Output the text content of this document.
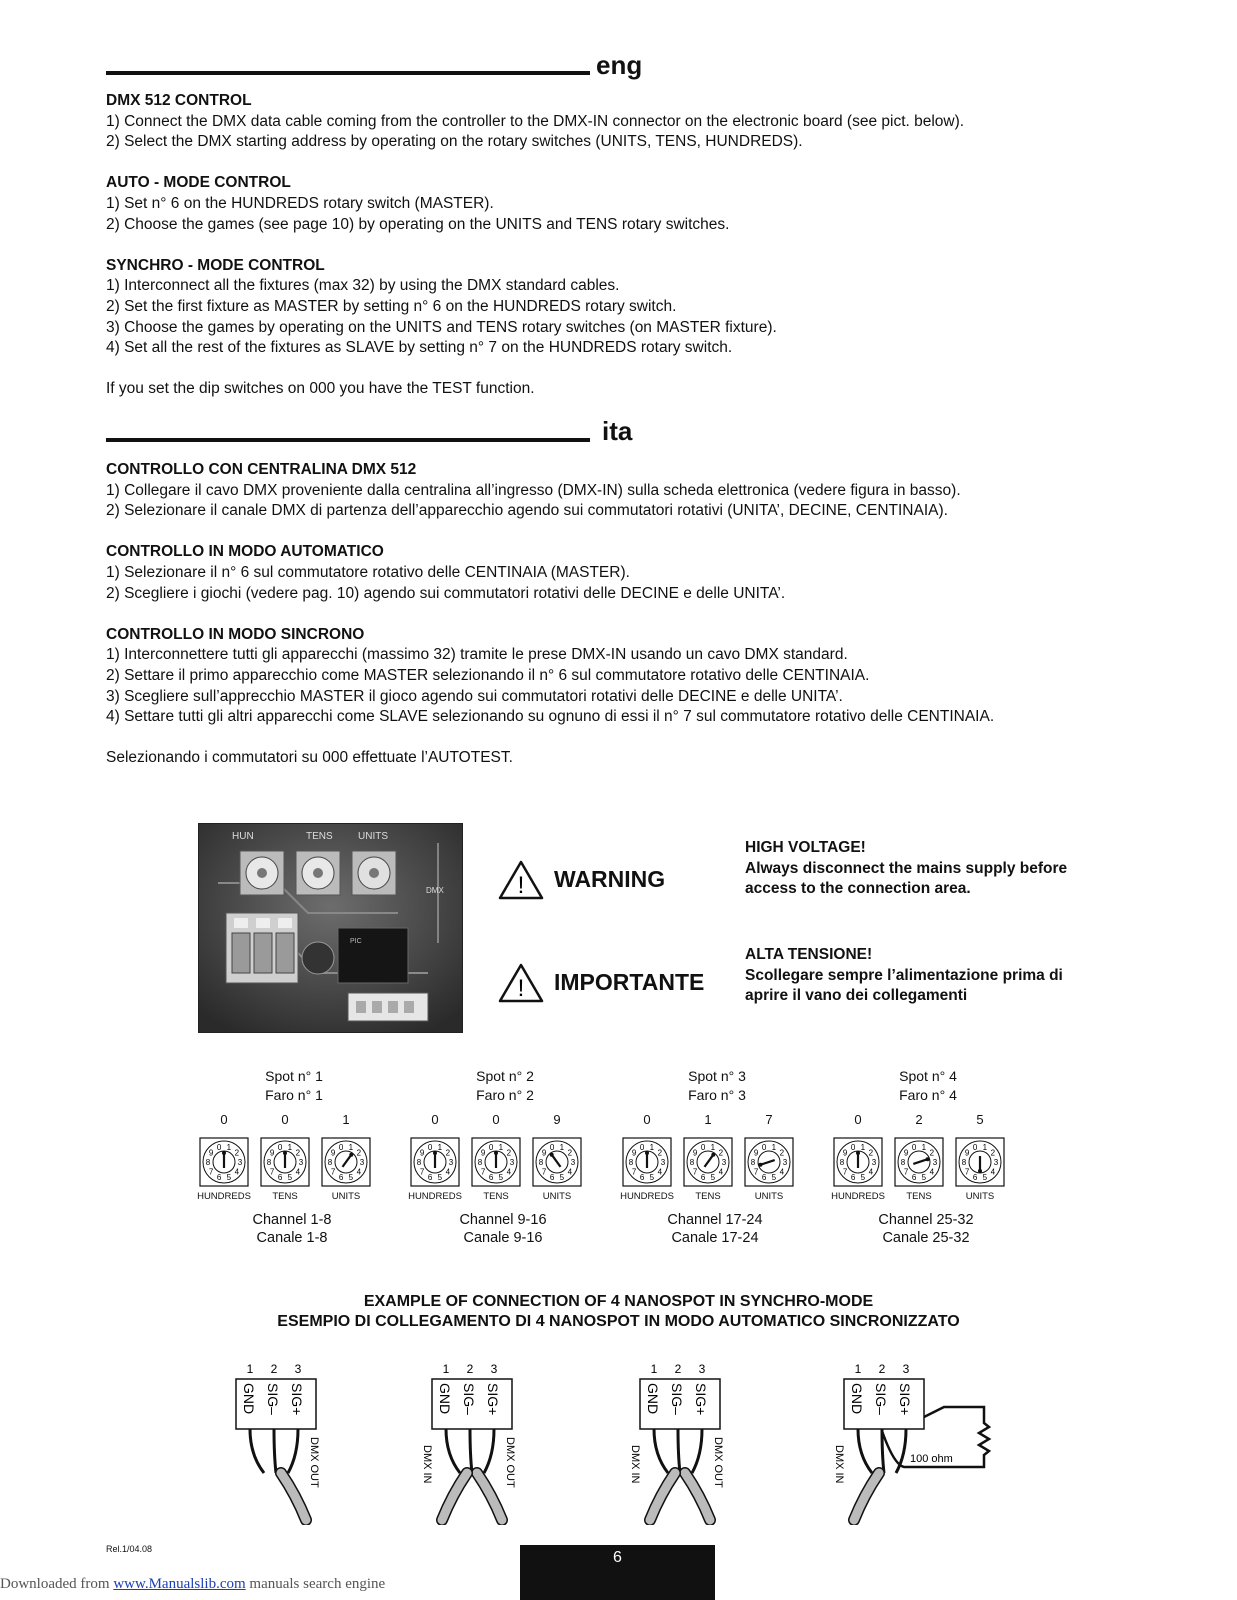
eng
DMX 512 CONTROL

1) Connect the DMX data cable coming from the controller to the DMX-IN connector on the electronic board (see pict. below).

2) Select the DMX starting address by operating on the rotary switches (UNITS, TENS, HUNDREDS).

AUTO - MODE CONTROL

1) Set n° 6 on the HUNDREDS rotary switch (MASTER).

2) Choose the games (see page 10) by operating on the UNITS and TENS rotary switches.

SYNCHRO - MODE CONTROL

1) Interconnect all the fixtures (max 32) by using the DMX standard cables.

2) Set the first fixture as MASTER by setting n° 6 on the HUNDREDS rotary switch.

3) Choose the games by operating on the UNITS and TENS rotary switches (on MASTER fixture).

4) Set all the rest of the fixtures as SLAVE by setting n° 7 on the HUNDREDS rotary switch.

If you set the dip switches on 000 you have the TEST function.

ita
CONTROLLO CON CENTRALINA DMX 512

1) Collegare il cavo DMX proveniente dalla centralina all’ingresso (DMX-IN) sulla scheda elettronica (vedere figura in basso).

2) Selezionare il canale DMX di partenza dell’apparecchio agendo sui commutatori rotativi (UNITA’, DECINE, CENTINAIA).

CONTROLLO IN MODO AUTOMATICO

1) Selezionare il n° 6 sul commutatore rotativo delle CENTINAIA (MASTER).

2) Scegliere i giochi (vedere pag. 10) agendo sui commutatori rotativi delle DECINE e delle UNITA’.

CONTROLLO IN MODO SINCRONO

1) Interconnettere tutti gli apparecchi (massimo 32) tramite le prese DMX-IN usando un cavo DMX standard.

2) Settare il primo apparecchio come MASTER selezionando il n° 6 sul commutatore rotativo delle CENTINAIA.

3) Scegliere sull’apprecchio MASTER il gioco agendo sui commutatori rotativi delle DECINE e delle UNITA’.

4) Settare tutti gli altri apparecchi come SLAVE selezionando su ognuno di essi il n° 7 sul commutatore rotativo delle CENTINAIA.

Selezionando i commutatori su 000 effettuate l’AUTOTEST.

HUN	TENS	UNITS
DMX
PIC
! WARNING
! IMPORTANTE
HIGH VOLTAGE!
Always disconnect the mains supply before
access to the connection area.
ALTA TENSIONE!
Scollegare sempre l’alimentazione prima di
aprire il vano dei collegamenti
Spot n° 1
Faro n° 1
0
0 1
2
3
4
5
6
7
8
9
HUNDREDS
0
0 1
2
3
4
5
6
7
8
9
TENS
1
0 1
2
3
4
5
6
7
8
9
UNITS
Channel 1-8
Canale 1-8
Spot n° 2
Faro n° 2
0
0 1
2
3
4
5
6
7
8
9
HUNDREDS
0
0 1
2
3
4
5
6
7
8
9
TENS
9
0 1
2
3
4
5
6
7
8
9
UNITS
Channel 9-16
Canale 9-16
Spot n° 3
Faro n° 3
0
0 1
2
3
4
5
6
7
8
9
HUNDREDS
1
0 1
2
3
4
5
6
7
8
9
TENS
7
0 1
2
3
4
5
6
7
8
9
UNITS
Channel 17-24
Canale 17-24
Spot n° 4
Faro n° 4
0
0 1
2
3
4
5
6
7
8
9
HUNDREDS
2
0 1
2
3
4
5
6
7
8
9
TENS
5
0 1
2
3
4
5
6
7
8
9
UNITS
Channel 25-32
Canale 25-32
EXAMPLE OF CONNECTION OF 4 NANOSPOT IN SYNCHRO-MODE
ESEMPIO DI COLLEGAMENTO DI 4 NANOSPOT IN MODO AUTOMATICO SINCRONIZZATO
1 2 3
GND SIG– SIG+
DMX OUT
1 2 3
GND SIG– SIG+
DMX OUT
DMX IN
1 2 3
GND SIG– SIG+
DMX OUT
DMX IN
1 2 3
GND SIG– SIG+
DMX IN	100 ohm
Rel.1/04.08	6
Downloaded from www.Manualslib.com manuals search engine
